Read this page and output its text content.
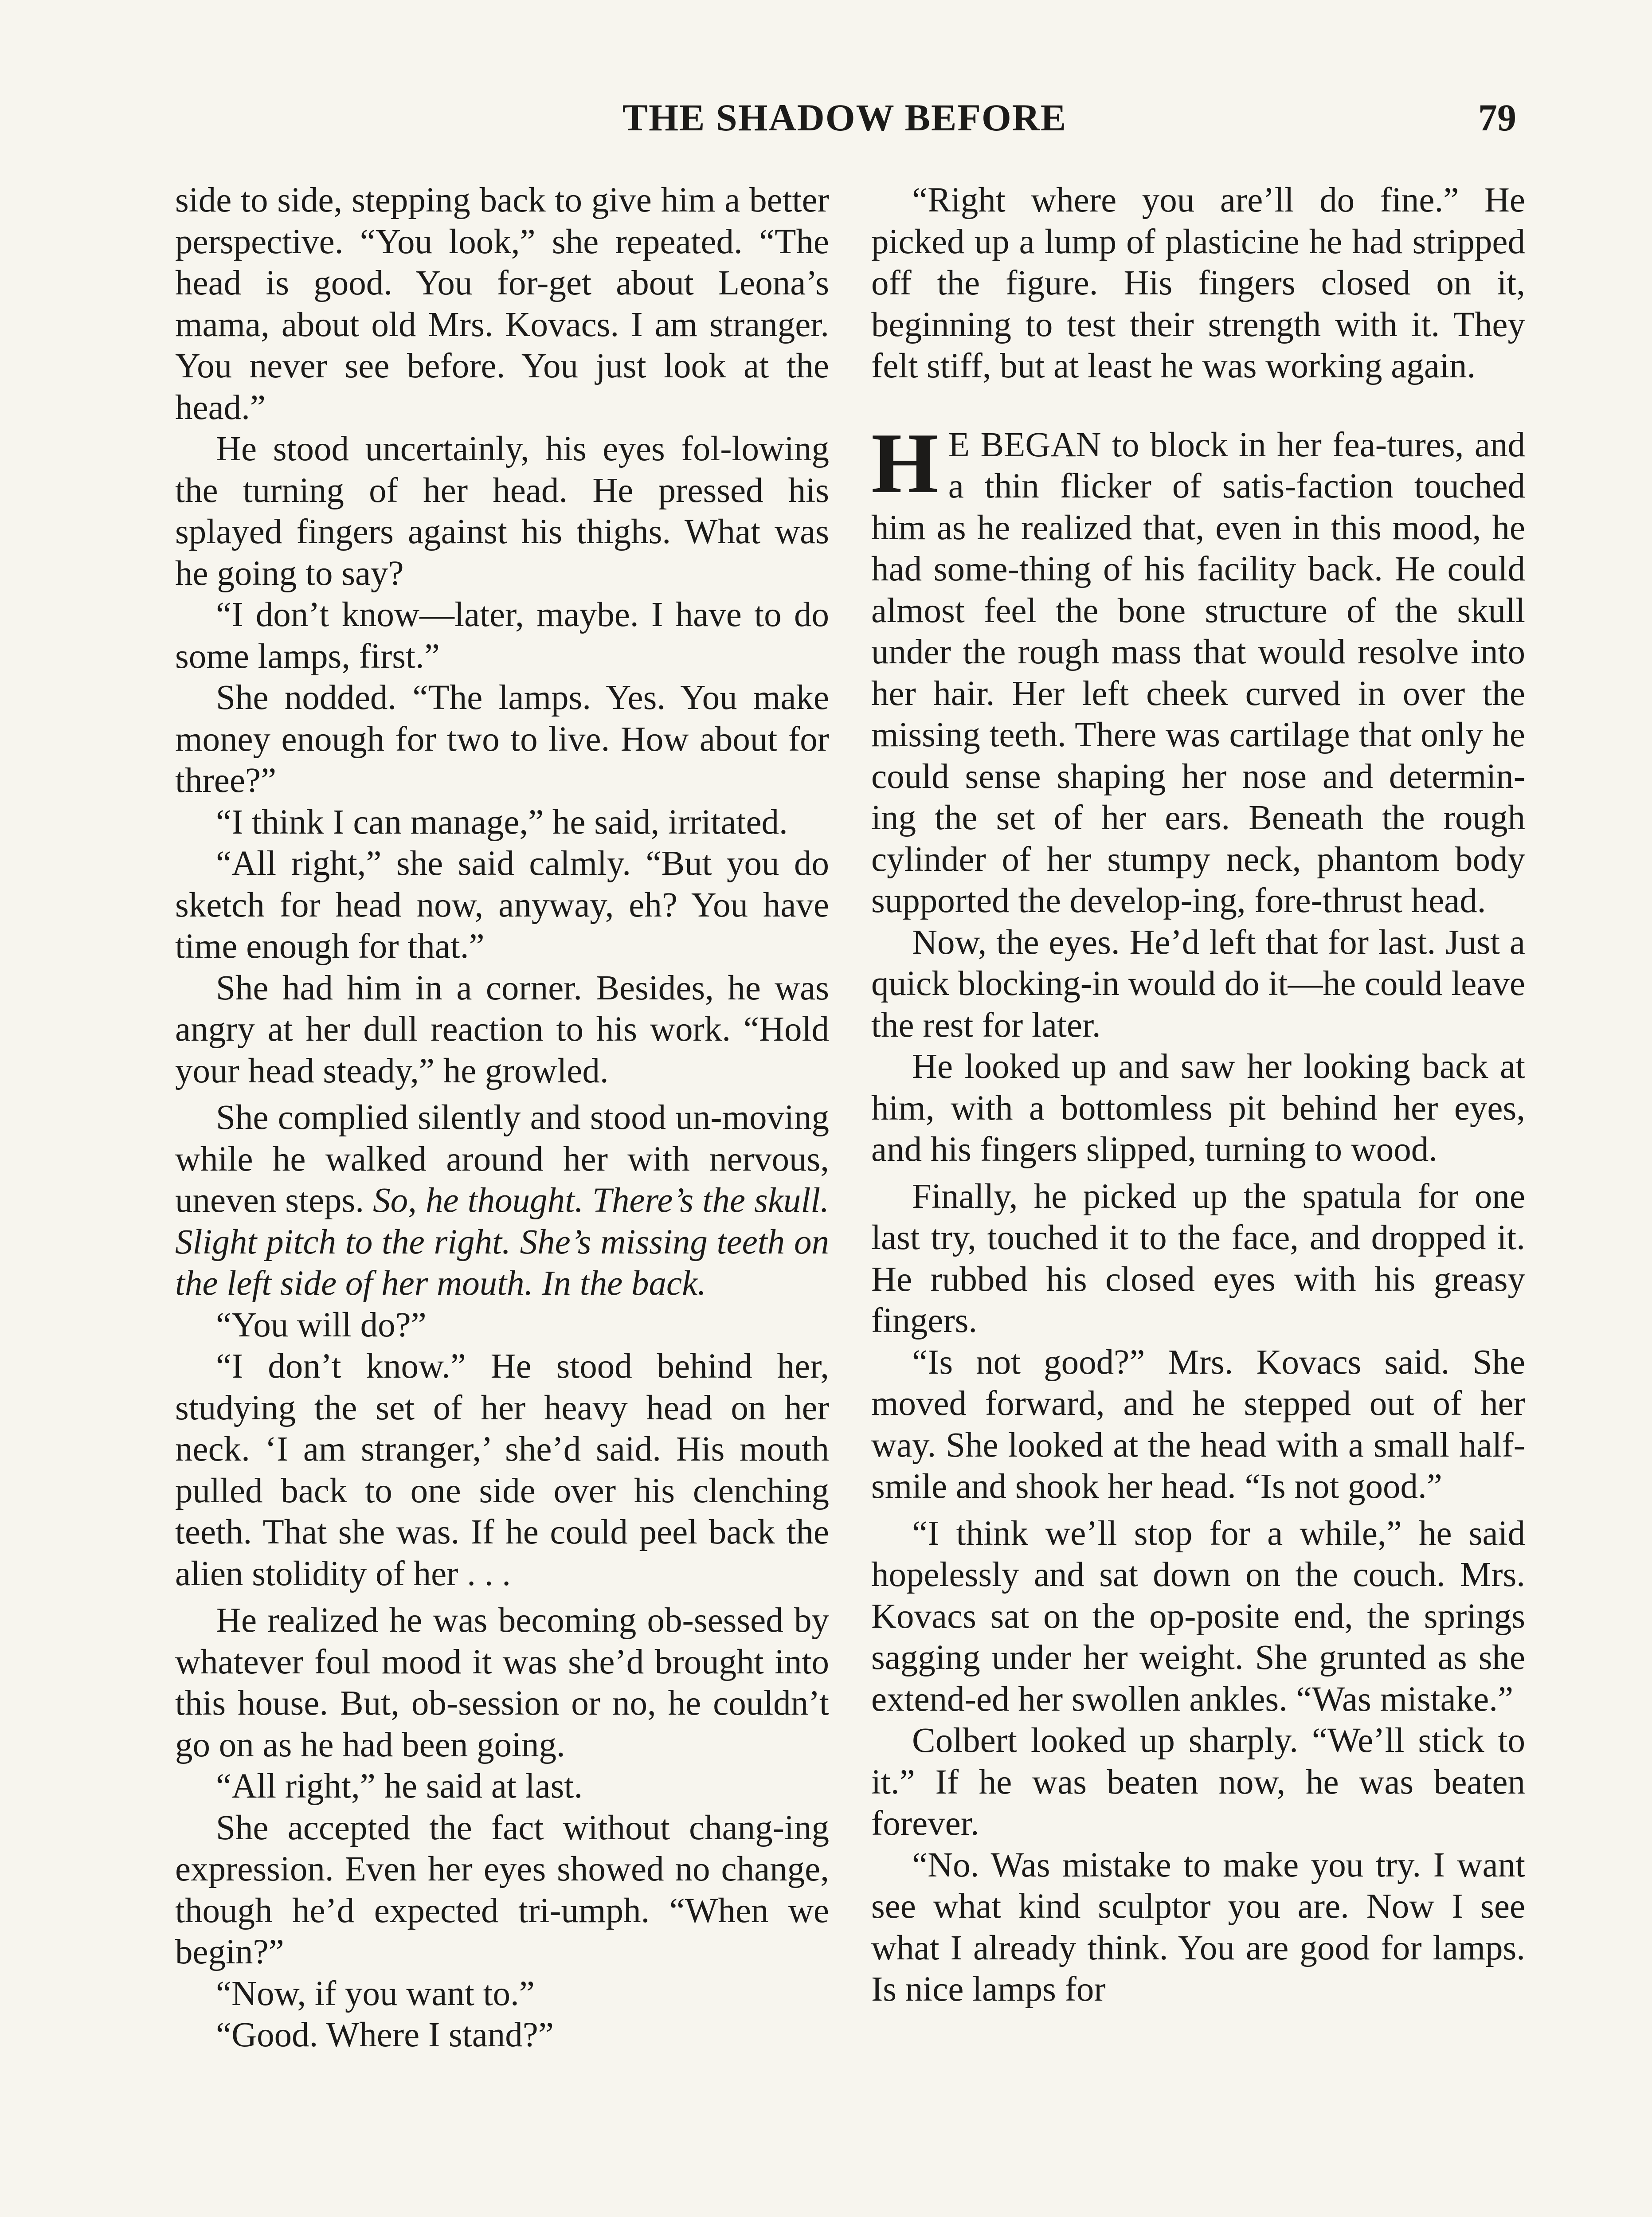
THE SHADOW BEFORE	79

side to side, stepping back to give him a better perspective. “You look,” she repeated. “The head is good. You for-get about Leona’s mama, about old Mrs. Kovacs. I am stranger. You never see before. You just look at the head.”

He stood uncertainly, his eyes fol-lowing the turning of her head. He pressed his splayed fingers against his thighs. What was he going to say?

“I don’t know—later, maybe. I have to do some lamps, first.”

She nodded. “The lamps. Yes. You make money enough for two to live. How about for three?”

“I think I can manage,” he said, irritated.

“All right,” she said calmly. “But you do sketch for head now, anyway, eh? You have time enough for that.”

She had him in a corner. Besides, he was angry at her dull reaction to his work. “Hold your head steady,” he growled.

She complied silently and stood un-moving while he walked around her with nervous, uneven steps. So, he thought. There’s the skull. Slight pitch to the right. She’s missing teeth on the left side of her mouth. In the back.

“You will do?”

“I don’t know.” He stood behind her, studying the set of her heavy head on her neck. ‘I am stranger,’ she’d said. His mouth pulled back to one side over his clenching teeth. That she was. If he could peel back the alien stolidity of her . . .

He realized he was becoming ob-sessed by whatever foul mood it was she’d brought into this house. But, ob-session or no, he couldn’t go on as he had been going.

“All right,” he said at last.

She accepted the fact without chang-ing expression. Even her eyes showed no change, though he’d expected tri-umph. “When we begin?”

“Now, if you want to.”

“Good. Where I stand?”

“Right where you are’ll do fine.” He picked up a lump of plasticine he had stripped off the figure. His fingers closed on it, beginning to test their strength with it. They felt stiff, but at least he was working again.

H E BEGAN to block in her fea-tures, and a thin flicker of satis-faction touched him as he realized that, even in this mood, he had some-thing of his facility back. He could almost feel the bone structure of the skull under the rough mass that would resolve into her hair. Her left cheek curved in over the missing teeth. There was cartilage that only he could sense shaping her nose and determin-ing the set of her ears. Beneath the rough cylinder of her stumpy neck, phantom body supported the develop-ing, fore-thrust head.

Now, the eyes. He’d left that for last. Just a quick blocking-in would do it—he could leave the rest for later.

He looked up and saw her looking back at him, with a bottomless pit behind her eyes, and his fingers slipped, turning to wood.

Finally, he picked up the spatula for one last try, touched it to the face, and dropped it. He rubbed his closed eyes with his greasy fingers.

“Is not good?” Mrs. Kovacs said. She moved forward, and he stepped out of her way. She looked at the head with a small half-smile and shook her head. “Is not good.”

“I think we’ll stop for a while,” he said hopelessly and sat down on the couch. Mrs. Kovacs sat on the op-posite end, the springs sagging under her weight. She grunted as she extend-ed her swollen ankles. “Was mistake.”

Colbert looked up sharply. “We’ll stick to it.” If he was beaten now, he was beaten forever.

“No. Was mistake to make you try. I want see what kind sculptor you are. Now I see what I already think. You are good for lamps. Is nice lamps for
